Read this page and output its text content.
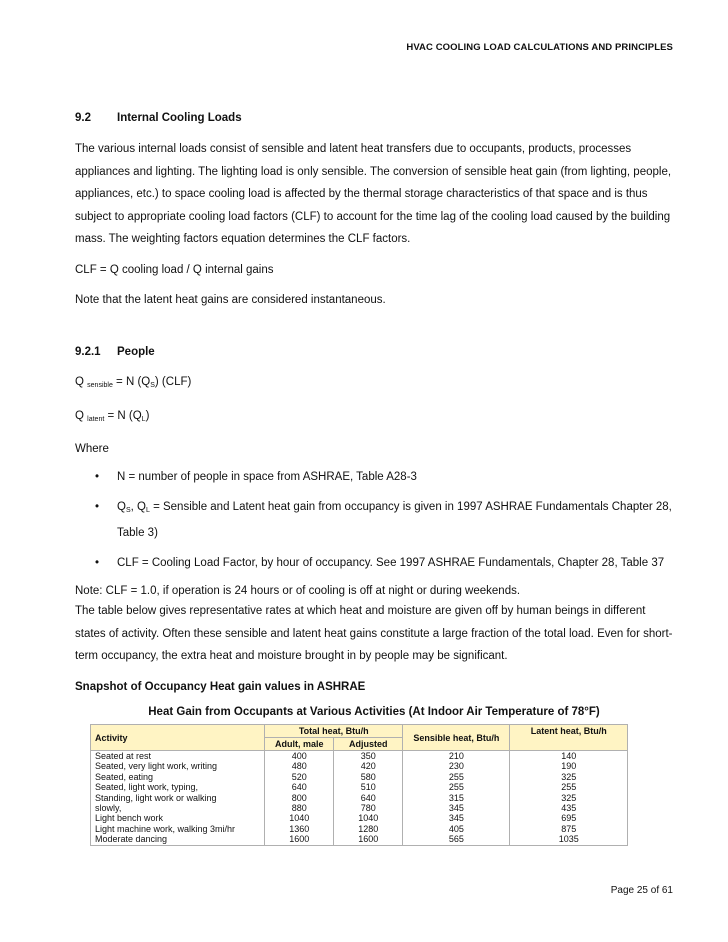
HVAC COOLING LOAD CALCULATIONS AND PRINCIPLES
9.2 Internal Cooling Loads

The various internal loads consist of sensible and latent heat transfers due to occupants, products, processes appliances and lighting. The lighting load is only sensible. The conversion of sensible heat gain (from lighting, people, appliances, etc.) to space cooling load is affected by the thermal storage characteristics of that space and is thus subject to appropriate cooling load factors (CLF) to account for the time lag of the cooling load caused by the building mass. The weighting factors equation determines the CLF factors.

CLF = Q cooling load / Q internal gains

Note that the latent heat gains are considered instantaneous.

9.2.1 People

Q $_{sensible}$ = N $(Q_S)$ (CLF)

Q $_{latent}$ = N $(Q_L)$

Where

• N = number of people in space from ASHRAE, Table A28-3
• $Q_S$, $Q_L$ = Sensible and Latent heat gain from occupancy is given in 1997 ASHRAE Fundamentals Chapter 28, Table 3)
• CLF = Cooling Load Factor, by hour of occupancy. See 1997 ASHRAE Fundamentals, Chapter 28, Table 37

Note: CLF = 1.0, if operation is 24 hours or of cooling is off at night or during weekends.

The table below gives representative rates at which heat and moisture are given off by human beings in different states of activity. Often these sensible and latent heat gains constitute a large fraction of the total load. Even for short-term occupancy, the extra heat and moisture brought in by people may be significant.

Snapshot of Occupancy Heat gain values in ASHRAE

Heat Gain from Occupants at Various Activities (At Indoor Air Temperature of 78°F)
Activity	Total heat, Btu/h		Sensible heat, Btu/h	Latent heat, Btu/h
	Adult, male	Adjusted		
Seated at rest	400	350	210	140
Seated, very light work, writing	480	420	230	190
Seated, eating	520	580	255	325
Seated, light work, typing,	640	510	255	255
Standing, light work or walking	800	640	315	325
slowly,	880	780	345	435
Light bench work	1040	1040	345	695
Light machine work, walking 3mi/hr	1360	1280	405	875
Moderate dancing	1600	1600	565	1035
Page 25 of 61
